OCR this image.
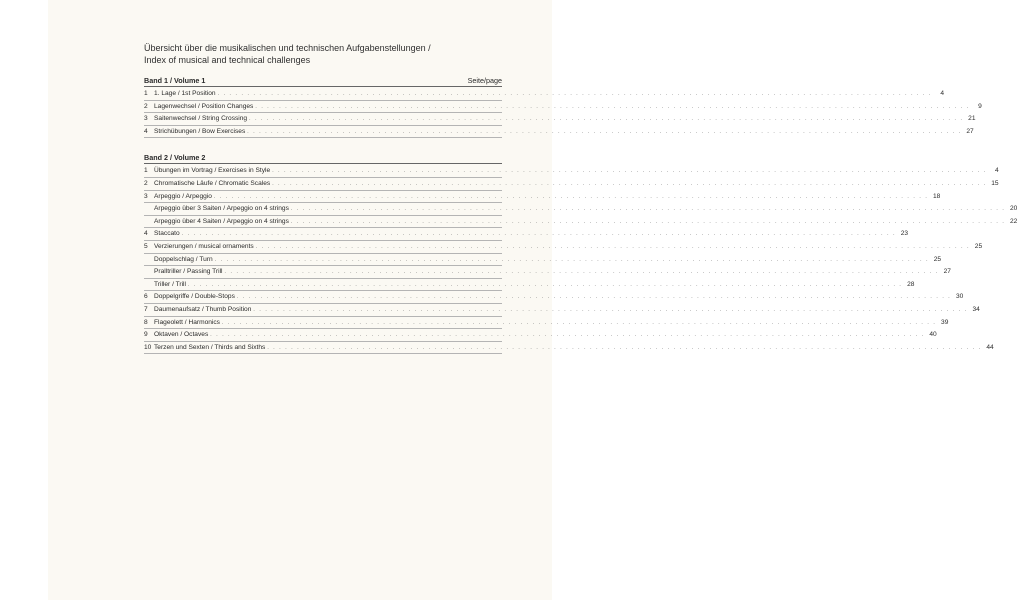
Übersicht über die musikalischen und technischen Aufgabenstellungen /
Index of musical and technical challenges
Band 1 / Volume 1	Seite/page
1 1. Lage / 1st Position . . . . . . . . . . . . . . . . . . . . . . . . . . . . . . . . . . . . . . . . . . . . . . . . . . . . . . . . . . . . . . . . . . . . . . . . . . . . . . . . . . . . . . . . . . . . . . . . . . . . . . . . . . . . . . . . . . . . . . . .	4
2 Lagenwechsel / Position Changes . . . . . . . . . . . . . . . . . . . . . . . . . . . . . . . . . . . . . . . . . . . . . . . . . . . . . . . . . . . . . . . . . . . . . . . . . . . . . . . . . . . . . . . . . . . . . . . . . . . . . . . . . . . . . . . . . . . . . . . .	9
3 Saitenwechsel / String Crossing . . . . . . . . . . . . . . . . . . . . . . . . . . . . . . . . . . . . . . . . . . . . . . . . . . . . . . . . . . . . . . . . . . . . . . . . . . . . . . . . . . . . . . . . . . . . . . . . . . . . . . . . . . . . . . . . . . . . . . . . 21
4 Strichübungen / Bow Exercises . . . . . . . . . . . . . . . . . . . . . . . . . . . . . . . . . . . . . . . . . . . . . . . . . . . . . . . . . . . . . . . . . . . . . . . . . . . . . . . . . . . . . . . . . . . . . . . . . . . . . . . . . . . . . . . . . . . . . . . . 27
Band 2 / Volume 2
1 Übungen im Vortrag / Exercises in Style . . . . . . . . . . . . . . . . . . . . . . . . . . . . . . . . . . . . . . . . . . . . . . . . . . . . . . . . . . . . . . . . . . . . . . . . . . . . . . . . . . . . . . . . . . . . . . . . . . . . . . . . . . . . . . . . . . . . . . . .	4
2 Chromatische Läufe / Chromatic Scales . . . . . . . . . . . . . . . . . . . . . . . . . . . . . . . . . . . . . . . . . . . . . . . . . . . . . . . . . . . . . . . . . . . . . . . . . . . . . . . . . . . . . . . . . . . . . . . . . . . . . . . . . . . . . . . . . . . . . . . . 15
3 Arpeggio / Arpeggio . . . . . . . . . . . . . . . . . . . . . . . . . . . . . . . . . . . . . . . . . . . . . . . . . . . . . . . . . . . . . . . . . . . . . . . . . . . . . . . . . . . . . . . . . . . . . . . . . . . . . . . . . . . . . . . . . . . . . . . . 18
Arpeggio über 3 Saiten / Arpeggio on 4 strings . . . . . . . . . . . . . . . . . . . . . . . . . . . . . . . . . . . . . . . . . . . . . . . . . . . . . . . . . . . . . . . . . . . . . . . . . . . . . . . . . . . . . . . . . . . . . . . . . . . . . . . . . . . . . . . . . . . . . . . . 20
Arpeggio über 4 Saiten / Arpeggio on 4 strings . . . . . . . . . . . . . . . . . . . . . . . . . . . . . . . . . . . . . . . . . . . . . . . . . . . . . . . . . . . . . . . . . . . . . . . . . . . . . . . . . . . . . . . . . . . . . . . . . . . . . . . . . . . . . . . . . . . . . . . . 22
4 Staccato . . . . . . . . . . . . . . . . . . . . . . . . . . . . . . . . . . . . . . . . . . . . . . . . . . . . . . . . . . . . . . . . . . . . . . . . . . . . . . . . . . . . . . . . . . . . . . . . . . . . . . . . . . . . . . . . . . . . . . . . 23
5 Verzierungen / musical ornaments . . . . . . . . . . . . . . . . . . . . . . . . . . . . . . . . . . . . . . . . . . . . . . . . . . . . . . . . . . . . . . . . . . . . . . . . . . . . . . . . . . . . . . . . . . . . . . . . . . . . . . . . . . . . . . . . . . . . . . . . 25
Doppelschlag / Turn . . . . . . . . . . . . . . . . . . . . . . . . . . . . . . . . . . . . . . . . . . . . . . . . . . . . . . . . . . . . . . . . . . . . . . . . . . . . . . . . . . . . . . . . . . . . . . . . . . . . . . . . . . . . . . . . . . . . . . . . 25
Pralltriller / Passing Trill . . . . . . . . . . . . . . . . . . . . . . . . . . . . . . . . . . . . . . . . . . . . . . . . . . . . . . . . . . . . . . . . . . . . . . . . . . . . . . . . . . . . . . . . . . . . . . . . . . . . . . . . . . . . . . . . . . . . . . . . 27
Triller / Trill . . . . . . . . . . . . . . . . . . . . . . . . . . . . . . . . . . . . . . . . . . . . . . . . . . . . . . . . . . . . . . . . . . . . . . . . . . . . . . . . . . . . . . . . . . . . . . . . . . . . . . . . . . . . . . . . . . . . . . . . 28
6 Doppelgriffe / Double-Stops . . . . . . . . . . . . . . . . . . . . . . . . . . . . . . . . . . . . . . . . . . . . . . . . . . . . . . . . . . . . . . . . . . . . . . . . . . . . . . . . . . . . . . . . . . . . . . . . . . . . . . . . . . . . . . . . . . . . . . . . 30
7 Daumenaufsatz / Thumb Position . . . . . . . . . . . . . . . . . . . . . . . . . . . . . . . . . . . . . . . . . . . . . . . . . . . . . . . . . . . . . . . . . . . . . . . . . . . . . . . . . . . . . . . . . . . . . . . . . . . . . . . . . . . . . . . . . . . . . . . . 34
8 Flageolett / Harmonics . . . . . . . . . . . . . . . . . . . . . . . . . . . . . . . . . . . . . . . . . . . . . . . . . . . . . . . . . . . . . . . . . . . . . . . . . . . . . . . . . . . . . . . . . . . . . . . . . . . . . . . . . . . . . . . . . . . . . . . . 39
9 Oktaven / Octaves . . . . . . . . . . . . . . . . . . . . . . . . . . . . . . . . . . . . . . . . . . . . . . . . . . . . . . . . . . . . . . . . . . . . . . . . . . . . . . . . . . . . . . . . . . . . . . . . . . . . . . . . . . . . . . . . . . . . . . . . 40
10 Terzen und Sexten / Thirds and Sixths . . . . . . . . . . . . . . . . . . . . . . . . . . . . . . . . . . . . . . . . . . . . . . . . . . . . . . . . . . . . . . . . . . . . . . . . . . . . . . . . . . . . . . . . . . . . . . . . . . . . . . . . . . . . . . . . . . . . . . . . 44
